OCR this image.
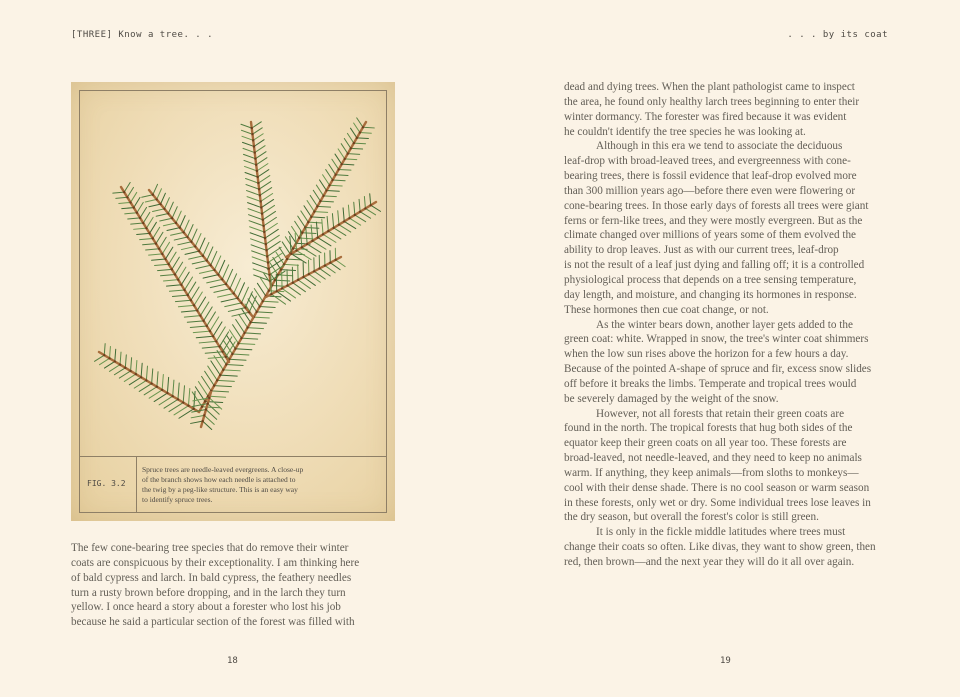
[THREE] Know a tree. . .	. . . by its coat
FIG. 3.2
Spruce trees are needle-leaved evergreens. A close-up
of the branch shows how each needle is attached to
the twig by a peg-like structure. This is an easy way
to identify spruce trees.

The few cone-bearing tree species that do remove their winter
coats are conspicuous by their exceptionality. I am thinking here
of bald cypress and larch. In bald cypress, the feathery needles
turn a rusty brown before dropping, and in the larch they turn
yellow. I once heard a story about a forester who lost his job
because he said a particular section of the forest was filled with

dead and dying trees. When the plant pathologist came to inspect
the area, he found only healthy larch trees beginning to enter their
winter dormancy. The forester was fired because it was evident
he couldn't identify the tree species he was looking at.
Although in this era we tend to associate the deciduous
leaf-drop with broad-leaved trees, and evergreenness with cone-
bearing trees, there is fossil evidence that leaf-drop evolved more
than 300 million years ago—before there even were flowering or
cone-bearing trees. In those early days of forests all trees were giant
ferns or fern-like trees, and they were mostly evergreen. But as the
climate changed over millions of years some of them evolved the
ability to drop leaves. Just as with our current trees, leaf-drop
is not the result of a leaf just dying and falling off; it is a controlled
physiological process that depends on a tree sensing temperature,
day length, and moisture, and changing its hormones in response.
These hormones then cue coat change, or not.
As the winter bears down, another layer gets added to the
green coat: white. Wrapped in snow, the tree's winter coat shimmers
when the low sun rises above the horizon for a few hours a day.
Because of the pointed A-shape of spruce and fir, excess snow slides
off before it breaks the limbs. Temperate and tropical trees would
be severely damaged by the weight of the snow.
However, not all forests that retain their green coats are
found in the north. The tropical forests that hug both sides of the
equator keep their green coats on all year too. These forests are
broad-leaved, not needle-leaved, and they need to keep no animals
warm. If anything, they keep animals—from sloths to monkeys—
cool with their dense shade. There is no cool season or warm season
in these forests, only wet or dry. Some individual trees lose leaves in
the dry season, but overall the forest's color is still green.
It is only in the fickle middle latitudes where trees must
change their coats so often. Like divas, they want to show green, then
red, then brown—and the next year they will do it all over again.

18	19
